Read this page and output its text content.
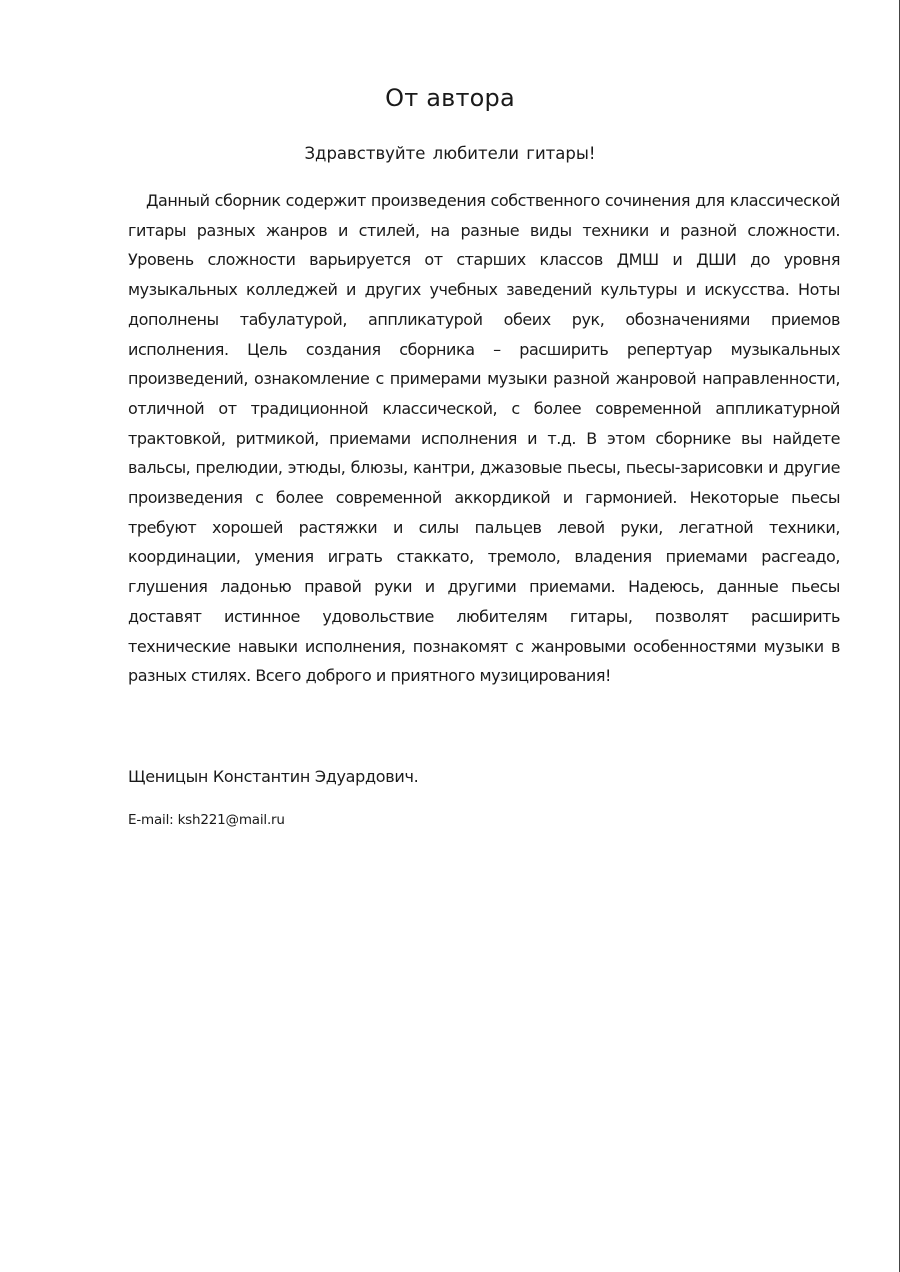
От автора

Здравствуйте любители гитары!

Данный сборник содержит произведения собственного сочинения для классической гитары разных жанров и стилей, на разные виды техники и разной сложности. Уровень сложности варьируется от старших классов ДМШ и ДШИ до уровня музыкальных колледжей и других учебных заведений культуры и искусства. Ноты дополнены табулатурой, аппликатурой обеих рук, обозначениями приемов исполнения. Цель создания сборника – расширить репертуар музыкальных произведений, ознакомление с примерами музыки разной жанровой направленности, отличной от традиционной классической, с более современной аппликатурной трактовкой, ритмикой, приемами исполнения и т.д. В этом сборнике вы найдете вальсы, прелюдии, этюды, блюзы, кантри, джазовые пьесы, пьесы-зарисовки и другие произведения с более современной аккордикой и гармонией. Некоторые пьесы требуют хорошей растяжки и силы пальцев левой руки, легатной техники, координации, умения играть стаккато, тремоло, владения приемами расгеадо, глушения ладонью правой руки и другими приемами. Надеюсь, данные пьесы доставят истинное удовольствие любителям гитары, позволят расширить технические навыки исполнения, познакомят с жанровыми особенностями музыки в разных стилях. Всего доброго и приятного музицирования!

Щеницын Константин Эдуардович.

E-mail: ksh221@mail.ru
